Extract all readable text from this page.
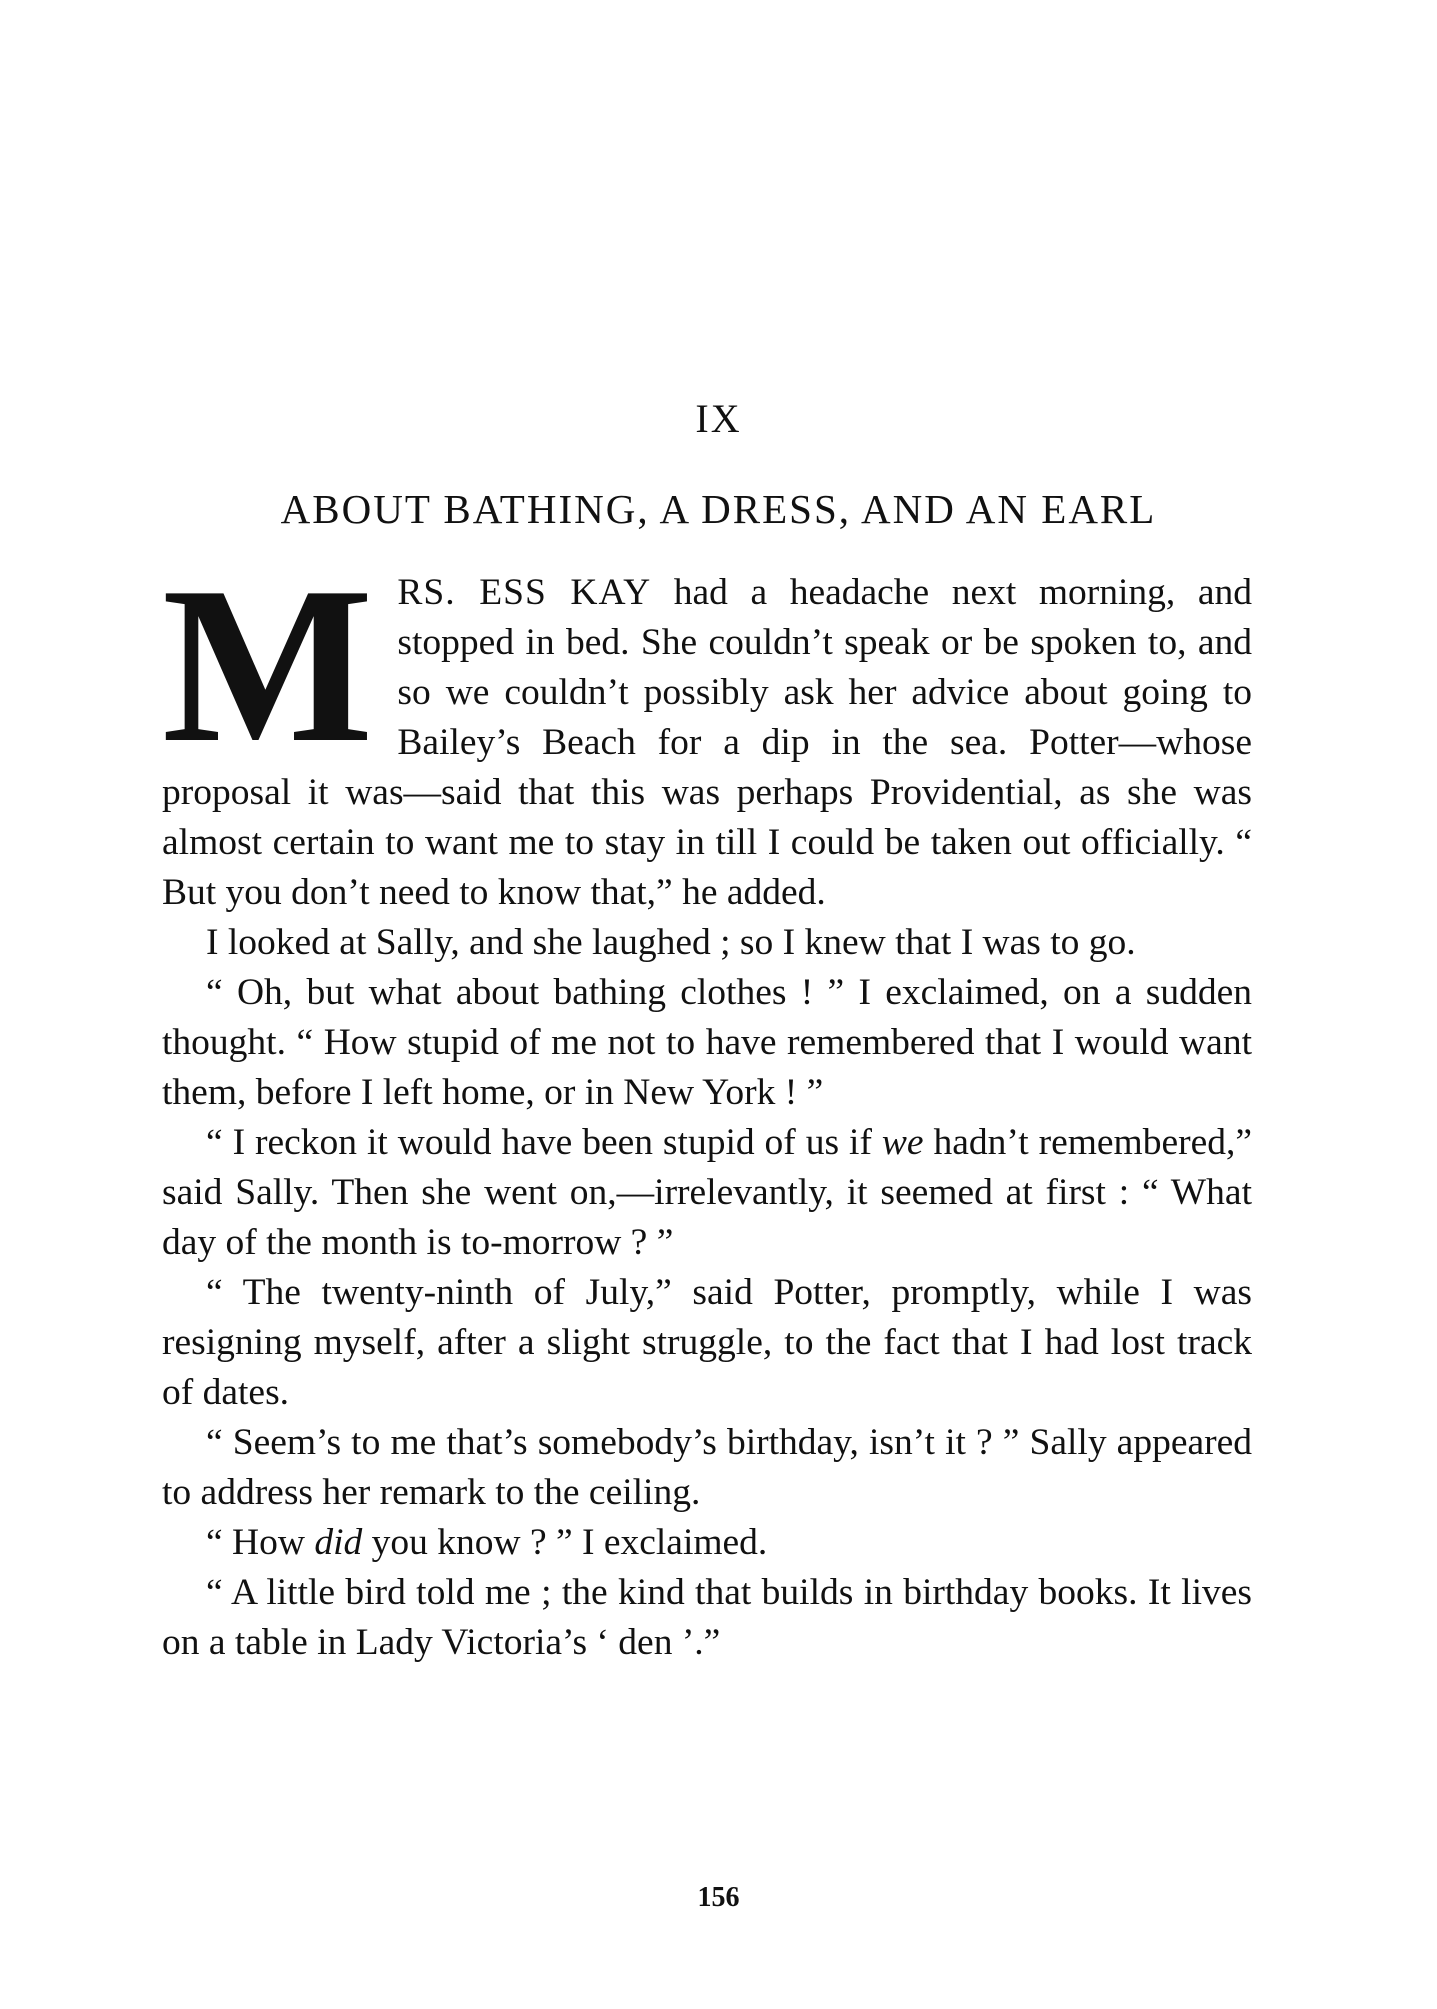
IX
ABOUT BATHING, A DRESS, AND AN EARL

MRS. ESS KAY had a headache next morning, and stopped in bed. She couldn’t speak or be spoken to, and so we couldn’t possibly ask her advice about going to Bailey’s Beach for a dip in the sea. Potter—whose proposal it was—said that this was perhaps Providential, as she was almost certain to want me to stay in till I could be taken out officially. “ But you don’t need to know that,” he added.

I looked at Sally, and she laughed ; so I knew that I was to go.

“ Oh, but what about bathing clothes ! ” I exclaimed, on a sudden thought. “ How stupid of me not to have remembered that I would want them, before I left home, or in New York ! ”

“ I reckon it would have been stupid of us if we hadn’t remembered,” said Sally. Then she went on,—irrelevantly, it seemed at first : “ What day of the month is to-morrow ? ”

“ The twenty-ninth of July,” said Potter, promptly, while I was resigning myself, after a slight struggle, to the fact that I had lost track of dates.

“ Seem’s to me that’s somebody’s birthday, isn’t it ? ” Sally appeared to address her remark to the ceiling.

“ How did you know ? ” I exclaimed.

“ A little bird told me ; the kind that builds in birthday books. It lives on a table in Lady Victoria’s ‘ den ’.”

156
